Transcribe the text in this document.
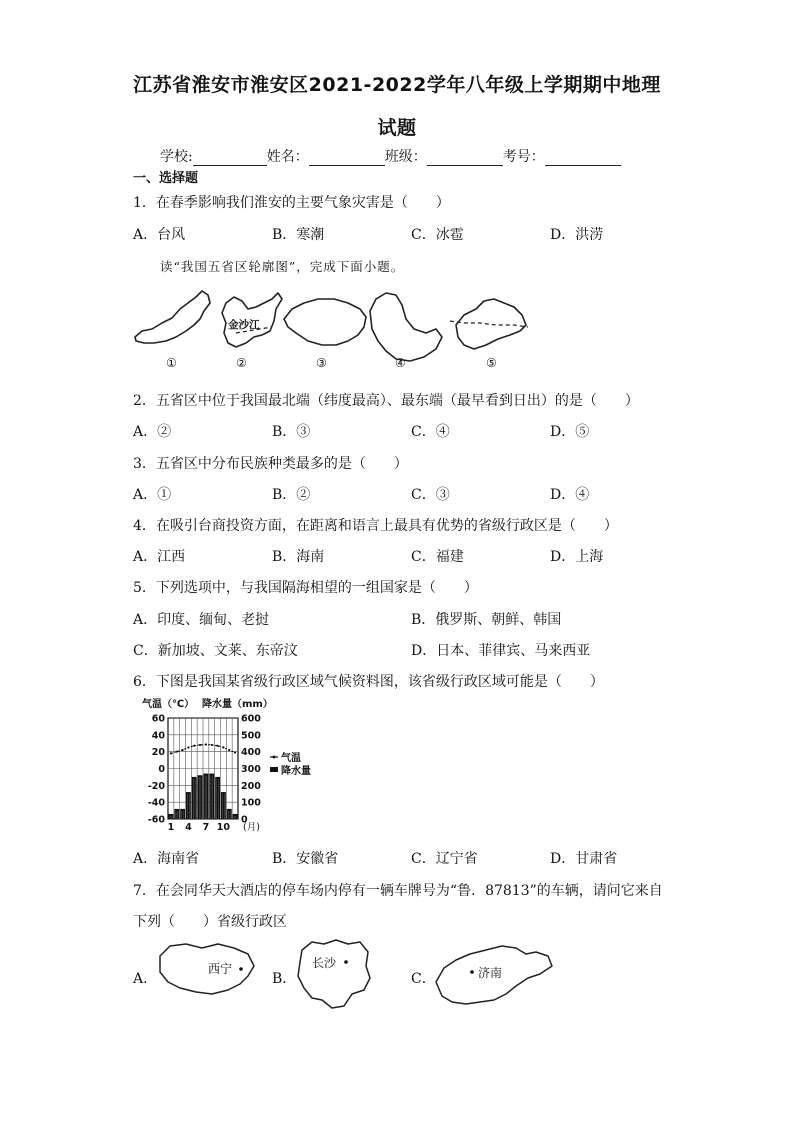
江苏省淮安市淮安区2021-2022学年八年级上学期期中地理
试题
学校:	姓名：	班级：	考号：
一、选择题
1．在春季影响我们淮安的主要气象灾害是（　　）
A．台风	B．寒潮	C．冰雹	D．洪涝
读“我国五省区轮廓图”，完成下面小题。
金沙江
①	②	③	④	⑤
2．五省区中位于我国最北端（纬度最高）、最东端（最早看到日出）的是（　　）
A．②	B．③	C．④	D．⑤
3．五省区中分布民族种类最多的是（　　）
A．①	B．②	C．③	D．④
4．在吸引台商投资方面，在距离和语言上最具有优势的省级行政区是（　　）
A．江西	B．海南	C．福建	D．上海
5．下列选项中，与我国隔海相望的一组国家是（　　）
A．印度、缅甸、老挝	B．俄罗斯、朝鲜、韩国
C．新加坡、文莱、东帝汶	D．日本、菲律宾、马来西亚
6．下图是我国某省级行政区域气候资料图，该省级行政区域可能是（　　）
气温（℃） 降水量（mm）
60
40
20
0
-20
-40
-60
600
500
400
300
200
100
0
1 4 7 10
气温
降水量
(月)
A．海南省	B．安徽省	C．辽宁省	D．甘肃省
7．在会同华天大酒店的停车场内停有一辆车牌号为“鲁．87813”的车辆，请问它来自
下列（　　）省级行政区
A．
西宁
B．
长沙
C．	济南
